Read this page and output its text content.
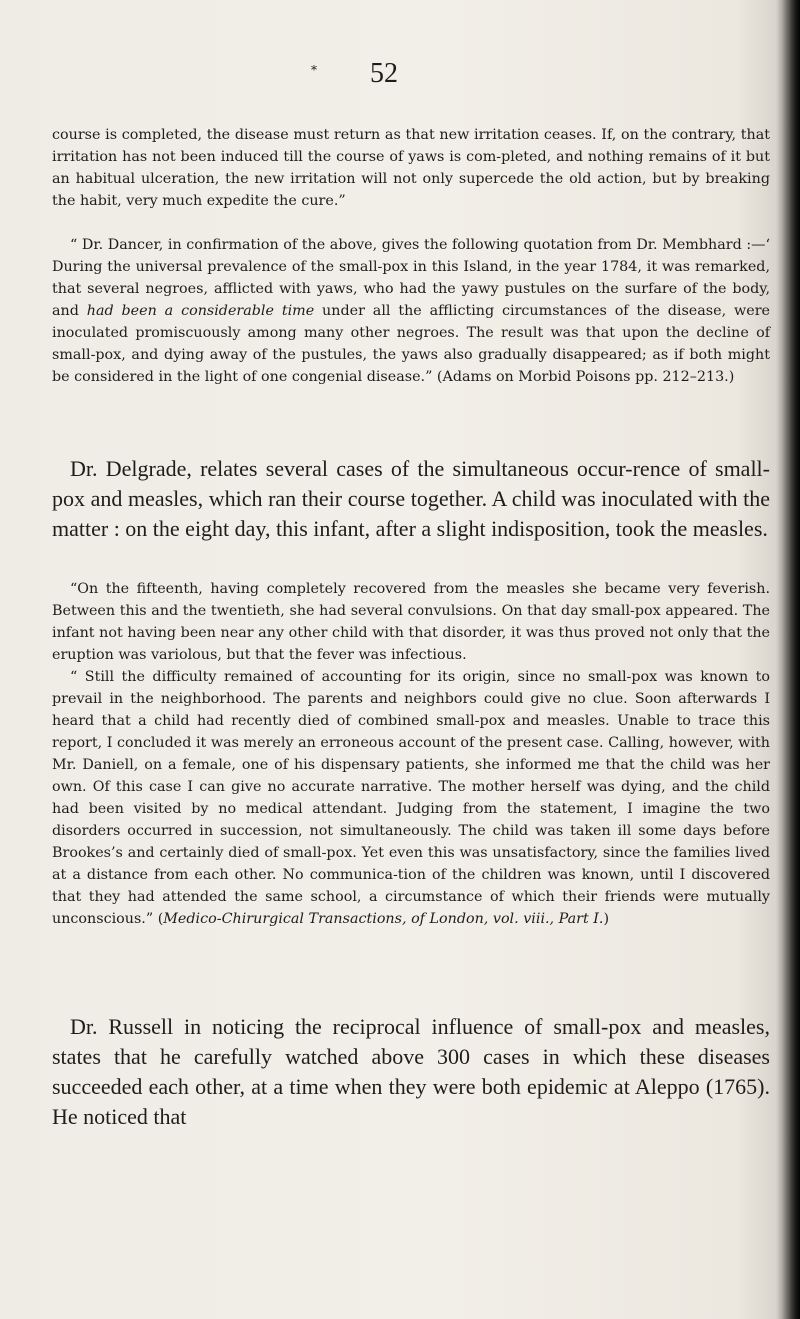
* 52

course is completed, the disease must return as that new irritation ceases. If, on the contrary, that irritation has not been induced till the course of yaws is com-pleted, and nothing remains of it but an habitual ulceration, the new irritation will not only supercede the old action, but by breaking the habit, very much expedite the cure.”

“ Dr. Dancer, in confirmation of the above, gives the following quotation from Dr. Membhard :—‘ During the universal prevalence of the small-pox in this Island, in the year 1784, it was remarked, that several negroes, afflicted with yaws, who had the yawy pustules on the surfare of the body, and had been a considerable time under all the afflicting circumstances of the disease, were inoculated promiscuously among many other negroes. The result was that upon the decline of small-pox, and dying away of the pustules, the yaws also gradually disappeared; as if both might be considered in the light of one congenial disease.” (Adams on Morbid Poisons pp. 212–213.)

Dr. Delgrade, relates several cases of the simultaneous occur-rence of small-pox and measles, which ran their course together. A child was inoculated with the matter : on the eight day, this infant, after a slight indisposition, took the measles.

“On the fifteenth, having completely recovered from the measles she became very feverish. Between this and the twentieth, she had several convulsions. On that day small-pox appeared. The infant not having been near any other child with that disorder, it was thus proved not only that the eruption was variolous, but that the fever was infectious.

“ Still the difficulty remained of accounting for its origin, since no small-pox was known to prevail in the neighborhood. The parents and neighbors could give no clue. Soon afterwards I heard that a child had recently died of combined small-pox and measles. Unable to trace this report, I concluded it was merely an erroneous account of the present case. Calling, however, with Mr. Daniell, on a female, one of his dispensary patients, she informed me that the child was her own. Of this case I can give no accurate narrative. The mother herself was dying, and the child had been visited by no medical attendant. Judging from the statement, I imagine the two disorders occurred in succession, not simultaneously. The child was taken ill some days before Brookes’s and certainly died of small-pox. Yet even this was unsatisfactory, since the families lived at a distance from each other. No communica-tion of the children was known, until I discovered that they had attended the same school, a circumstance of which their friends were mutually unconscious.” (Medico-Chirurgical Transactions, of London, vol. viii., Part I.)

Dr. Russell in noticing the reciprocal influence of small-pox and measles, states that he carefully watched above 300 cases in which these diseases succeeded each other, at a time when they were both epidemic at Aleppo (1765). He noticed that
